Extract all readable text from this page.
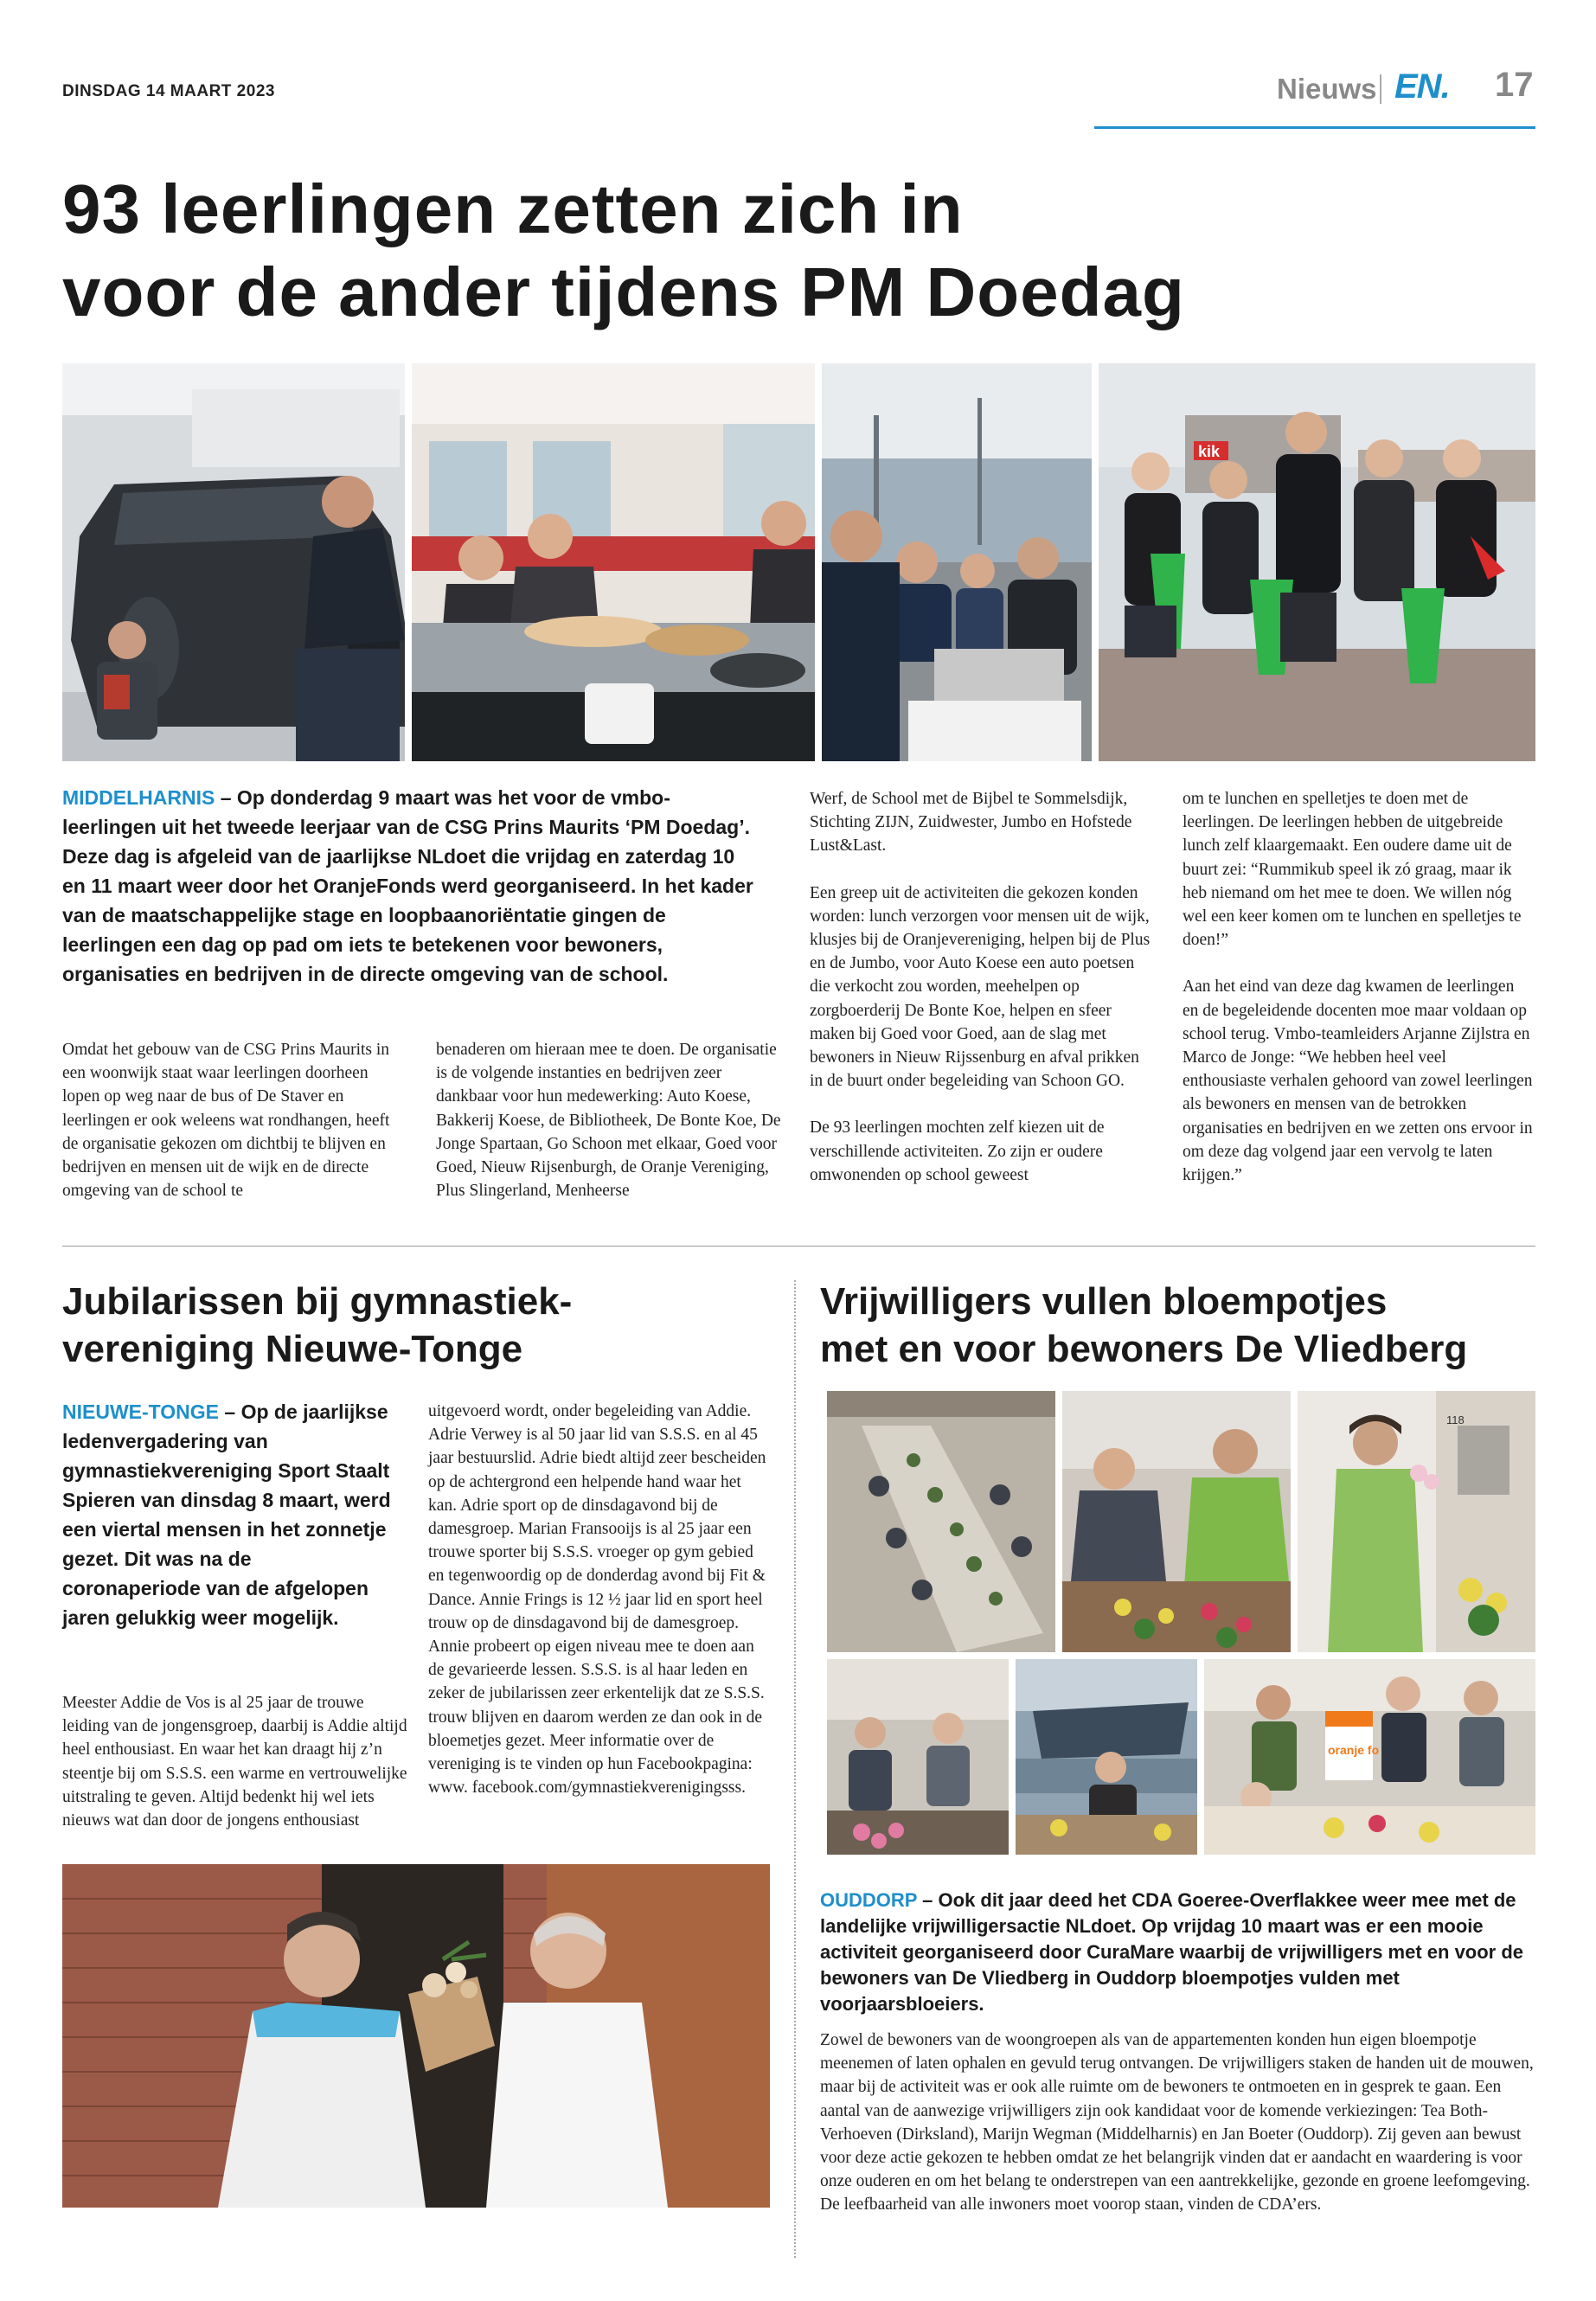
DINSDAG 14 MAART 2023	Nieuws EN. 17
93 leerlingen zetten zich in
voor de ander tijdens PM Doedag
kik
MIDDELHARNIS – Op donderdag 9 maart was het voor de vmbo-leerlingen uit het tweede leerjaar van de CSG Prins Maurits ‘PM Doedag’. Deze dag is afgeleid van de jaarlijkse NLdoet die vrijdag en zaterdag 10 en 11 maart weer door het OranjeFonds werd georganiseerd. In het kader van de maatschappelijke stage en loopbaanoriëntatie gingen de leerlingen een dag op pad om iets te betekenen voor bewoners, organisaties en bedrijven in de directe omgeving van de school.
Omdat het gebouw van de CSG Prins Maurits in een woonwijk staat waar leerlingen doorheen lopen op weg naar de bus of De Staver en leerlingen er ook weleens wat rondhangen, heeft de organisatie gekozen om dichtbij te blijven en bedrijven en mensen uit de wijk en de directe omgeving van de school te
benaderen om hieraan mee te doen. De organisatie is de volgende instanties en bedrijven zeer dankbaar voor hun medewerking: Auto Koese, Bakkerij Koese, de Bibliotheek, De Bonte Koe, De Jonge Spartaan, Go Schoon met elkaar, Goed voor Goed, Nieuw Rijsenburgh, de Oranje Vereniging, Plus Slingerland, Menheerse

Werf, de School met de Bijbel te Sommelsdijk, Stichting ZIJN, Zuidwester, Jumbo en Hofstede Lust&Last.

Een greep uit de activiteiten die gekozen konden worden: lunch verzorgen voor mensen uit de wijk, klusjes bij de Oranjevereniging, helpen bij de Plus en de Jumbo, voor Auto Koese een auto poetsen die verkocht zou worden, meehelpen op zorgboerderij De Bonte Koe, helpen en sfeer maken bij Goed voor Goed, aan de slag met bewoners in Nieuw Rijssenburg en afval prikken in de buurt onder begeleiding van Schoon GO.

De 93 leerlingen mochten zelf kiezen uit de verschillende activiteiten. Zo zijn er oudere omwonenden op school geweest

om te lunchen en spelletjes te doen met de leerlingen. De leerlingen hebben de uitgebreide lunch zelf klaargemaakt. Een oudere dame uit de buurt zei: “Rummikub speel ik zó graag, maar ik heb niemand om het mee te doen. We willen nóg wel een keer komen om te lunchen en spelletjes te doen!”

Aan het eind van deze dag kwamen de leerlingen en de begeleidende docenten moe maar voldaan op school terug. Vmbo-teamleiders Arjanne Zijlstra en Marco de Jonge: “We hebben heel veel enthousiaste verhalen gehoord van zowel leerlingen als bewoners en mensen van de betrokken organisaties en bedrijven en we zetten ons ervoor in om deze dag volgend jaar een vervolg te laten krijgen.”

Jubilarissen bij gymnastiek-
vereniging Nieuwe-Tonge
NIEUWE-TONGE – Op de jaarlijkse ledenvergadering van gymnastiekvereniging Sport Staalt Spieren van dinsdag 8 maart, werd een viertal mensen in het zonnetje gezet. Dit was na de coronaperiode van de afgelopen jaren gelukkig weer mogelijk.
Meester Addie de Vos is al 25 jaar de trouwe leiding van de jongensgroep, daarbij is Addie altijd heel enthousiast. En waar het kan draagt hij z’n steentje bij om S.S.S. een warme en vertrouwelijke uitstraling te geven. Altijd bedenkt hij wel iets nieuws wat dan door de jongens enthousiast
uitgevoerd wordt, onder begeleiding van Addie. Adrie Verwey is al 50 jaar lid van S.S.S. en al 45 jaar bestuurslid. Adrie biedt altijd zeer bescheiden op de achtergrond een helpende hand waar het kan. Adrie sport op de dinsdagavond bij de damesgroep. Marian Fransooijs is al 25 jaar een trouwe sporter bij S.S.S. vroeger op gym gebied en tegenwoordig op de donderdag avond bij Fit & Dance. Annie Frings is 12 ½ jaar lid en sport heel trouw op de dinsdagavond bij de damesgroep. Annie probeert op eigen niveau mee te doen aan de gevarieerde lessen. S.S.S. is al haar leden en zeker de jubilarissen zeer erkentelijk dat ze S.S.S. trouw blijven en daarom werden ze dan ook in de bloemetjes gezet. Meer informatie over de vereniging is te vinden op hun Facebookpagina: www. facebook.com/gymnastiekverenigingsss.
Vrijwilligers vullen bloempotjes
met en voor bewoners De Vliedberg
118
oranje fo
OUDDORP – Ook dit jaar deed het CDA Goeree-Overflakkee weer mee met de landelijke vrijwilligersactie NLdoet. Op vrijdag 10 maart was er een mooie activiteit georganiseerd door CuraMare waarbij de vrijwilligers met en voor de bewoners van De Vliedberg in Ouddorp bloempotjes vulden met voorjaarsbloeiers.
Zowel de bewoners van de woongroepen als van de appartementen konden hun eigen bloempotje meenemen of laten ophalen en gevuld terug ontvangen. De vrijwilligers staken de handen uit de mouwen, maar bij de activiteit was er ook alle ruimte om de bewoners te ontmoeten en in gesprek te gaan. Een aantal van de aanwezige vrijwilligers zijn ook kandidaat voor de komende verkiezingen: Tea Both-Verhoeven (Dirksland), Marijn Wegman (Middelharnis) en Jan Boeter (Ouddorp). Zij geven aan bewust voor deze actie gekozen te hebben omdat ze het belangrijk vinden dat er aandacht en waardering is voor onze ouderen en om het belang te onderstrepen van een aantrekkelijke, gezonde en groene leefomgeving. De leefbaarheid van alle inwoners moet voorop staan, vinden de CDA’ers.
